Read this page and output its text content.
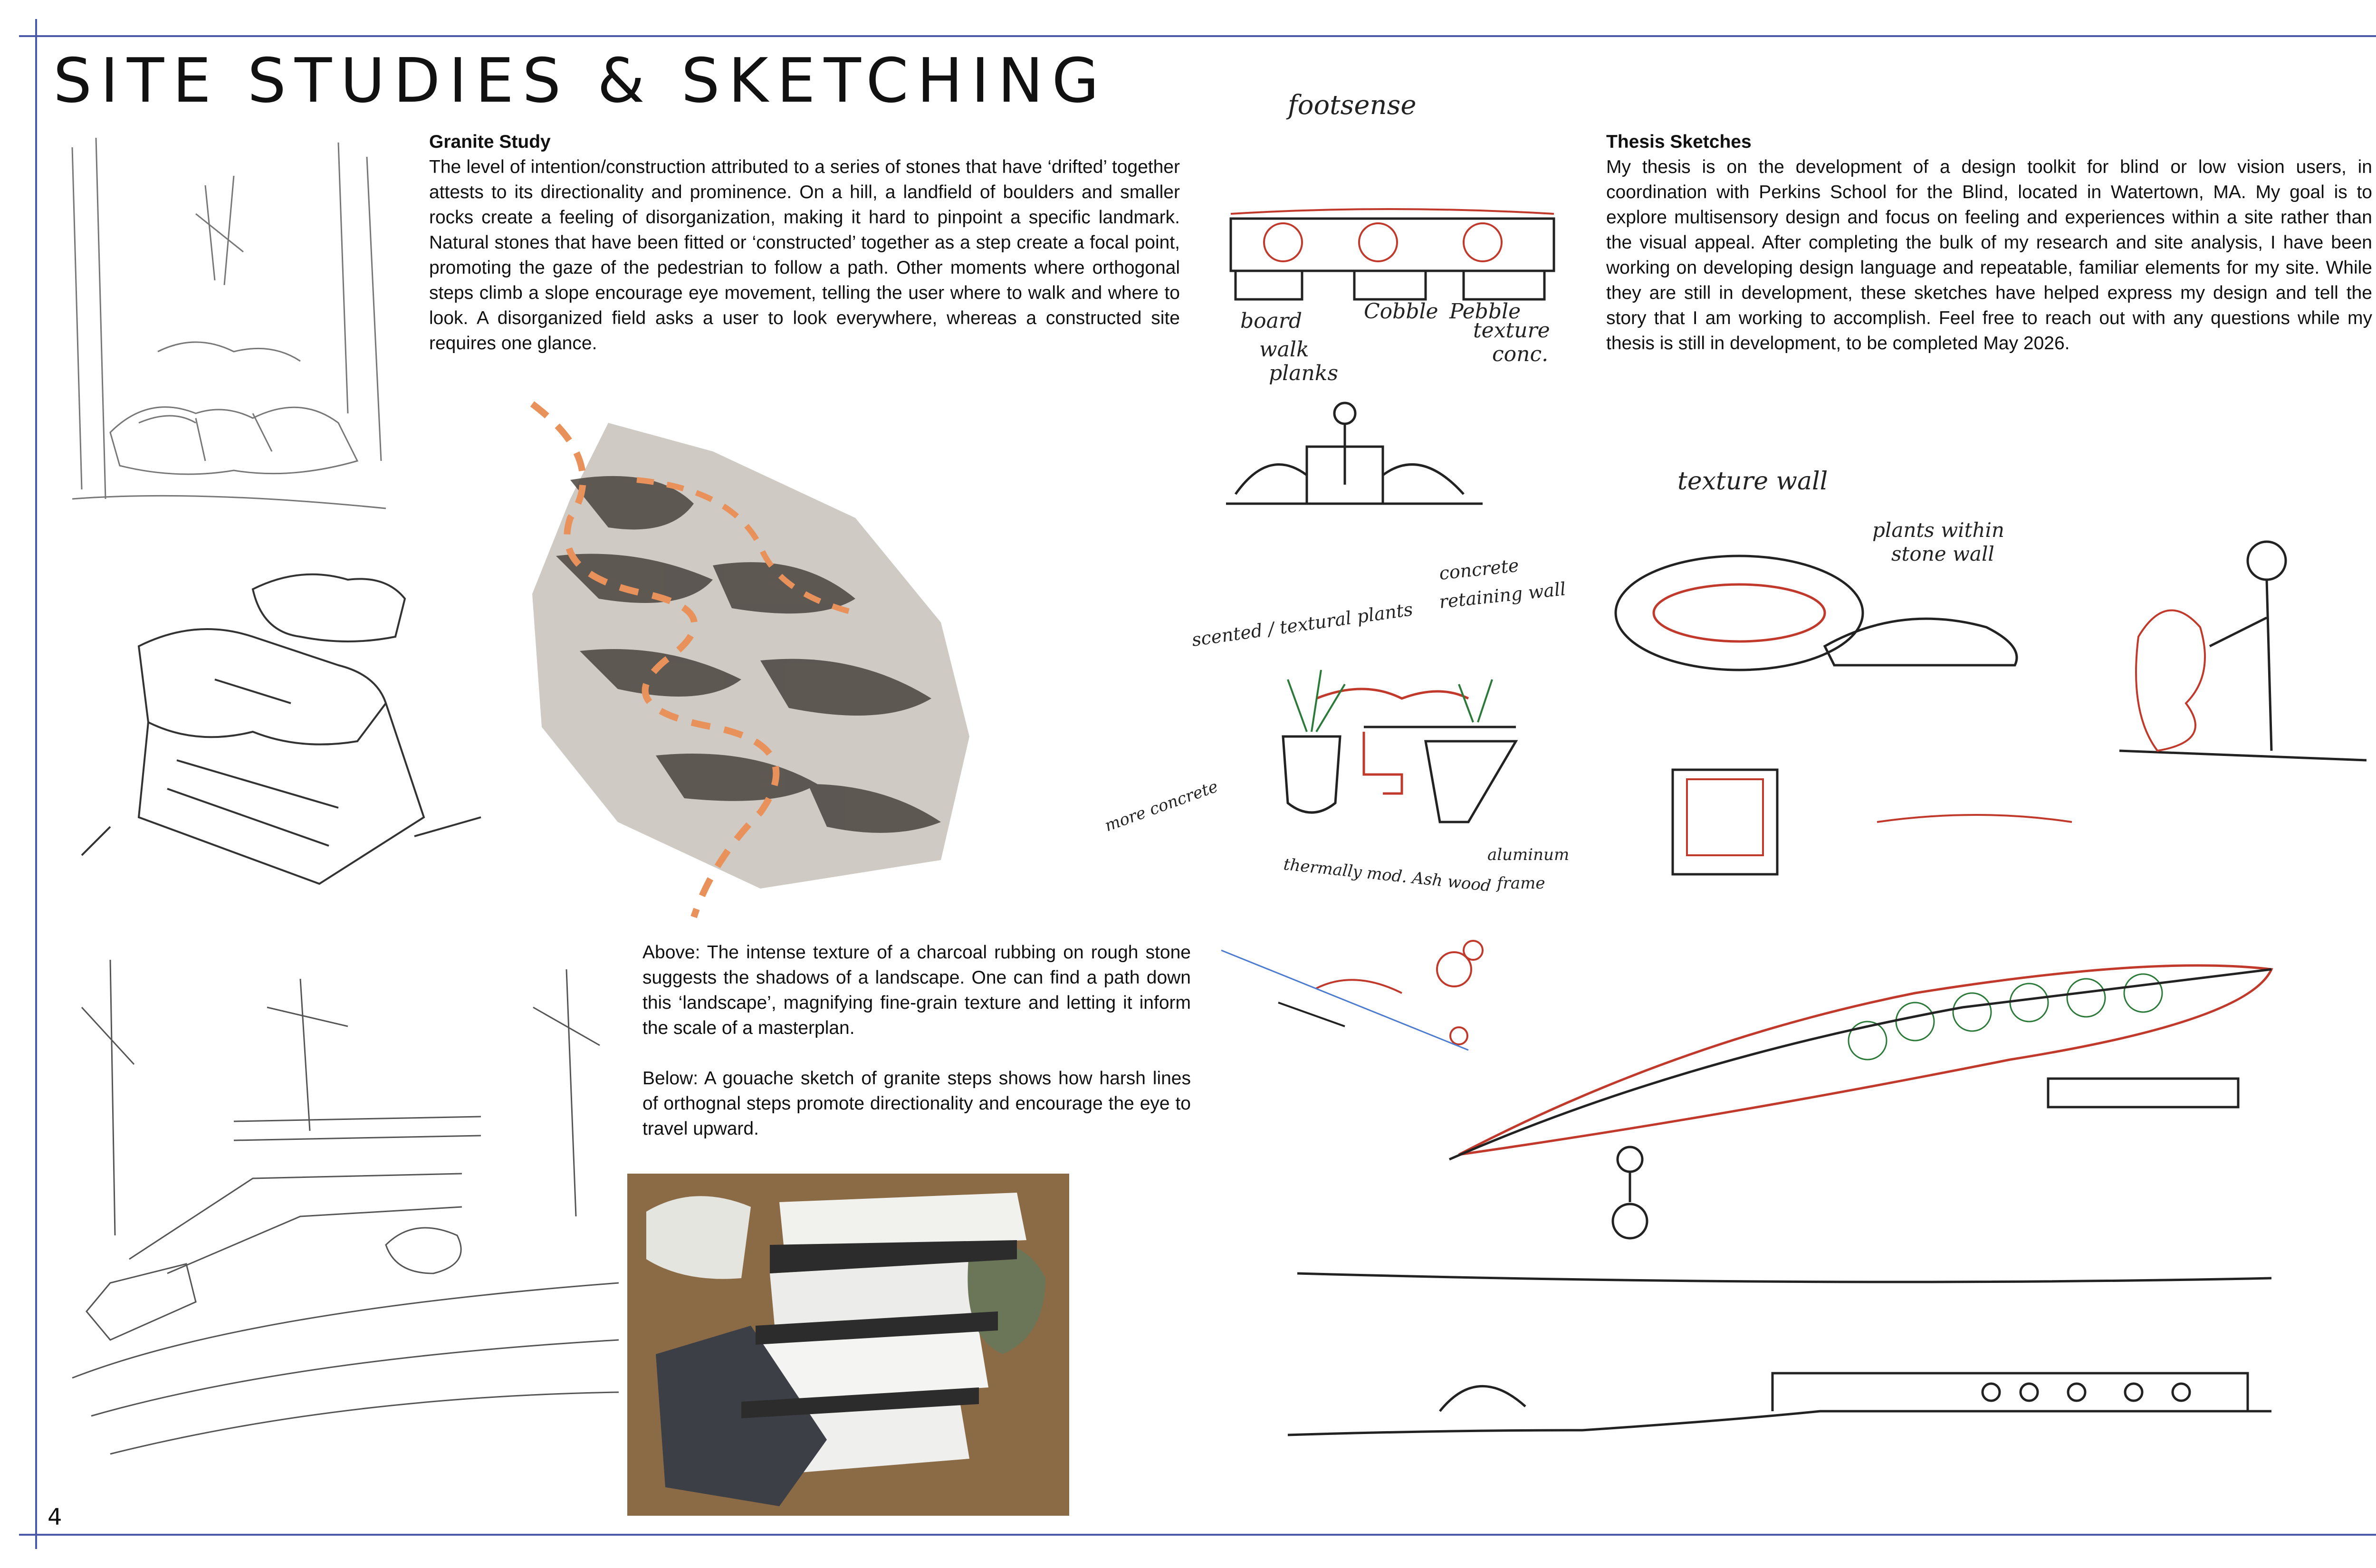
SITE STUDIES & SKETCHING
Granite Study

The level of intention/construction attributed to a series of stones that have ‘drifted’ together attests to its directionality and prominence. On a hill, a landfield of boulders and smaller rocks create a feeling of disorganization, making it hard to pinpoint a specific landmark. Natural stones that have been fitted or ‘constructed’ together as a step create a focal point, promoting the gaze of the pedestrian to follow a path. Other moments where orthogonal steps climb a slope encourage eye movement, telling the user where to walk and where to look. A disorganized field asks a user to look everywhere, whereas a constructed site requires one glance.

Above: The intense texture of a charcoal rubbing on rough stone suggests the shadows of a landscape. One can find a path down this ‘landscape’, magnifying fine-grain texture and letting it inform the scale of a masterplan.

Below: A gouache sketch of granite steps shows how harsh lines of orthognal steps promote directionality and encourage the eye to travel upward.

Thesis Sketches

My thesis is on the development of a design toolkit for blind or low vision users, in coordination with Perkins School for the Blind, located in Watertown, MA. My goal is to explore multisensory design and focus on feeling and experiences within a site rather than the visual appeal. After completing the bulk of my research and site analysis, I have been working on developing design language and repeatable, familiar elements for my site. While they are still in development, these sketches have helped express my design and tell the story that I am working to accomplish. Feel free to reach out with any questions while my thesis is still in development, to be completed May 2026.

footsense
board
walk
planks
Cobble Pebble
texture
conc.
scented / textural plants
concrete
retaining wall
more concrete
thermally mod. Ash wood
aluminum
frame
texture wall
plants within
stone wall
4
